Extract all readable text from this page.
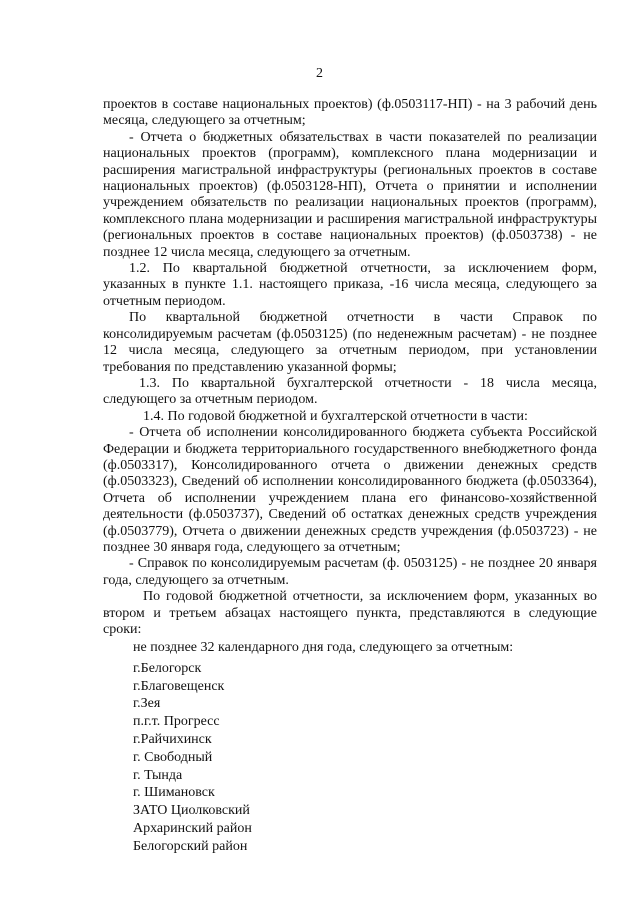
2

проектов в составе национальных проектов) (ф.0503117-НП) - на 3 рабочий день месяца, следующего за отчетным;

- Отчета о бюджетных обязательствах в части показателей по реализации национальных проектов (программ), комплексного плана модернизации и расширения магистральной инфраструктуры (региональных проектов в составе национальных проектов) (ф.0503128-НП), Отчета о принятии и исполнении учреждением обязательств по реализации национальных проектов (программ), комплексного плана модернизации и расширения магистральной инфраструктуры (региональных проектов в составе национальных проектов) (ф.0503738) - не позднее 12 числа месяца, следующего за отчетным.

1.2. По квартальной бюджетной отчетности, за исключением форм, указанных в пункте 1.1. настоящего приказа, -16 числа месяца, следующего за отчетным периодом.

По квартальной бюджетной отчетности в части Справок по консолидируемым расчетам (ф.0503125) (по неденежным расчетам) - не позднее 12 числа месяца, следующего за отчетным периодом, при установлении требования по представлению указанной формы;

1.3. По квартальной бухгалтерской отчетности - 18 числа месяца, следующего за отчетным периодом.

1.4. По годовой бюджетной и бухгалтерской отчетности в части:

- Отчета об исполнении консолидированного бюджета субъекта Российской Федерации и бюджета территориального государственного внебюджетного фонда (ф.0503317), Консолидированного отчета о движении денежных средств (ф.0503323), Сведений об исполнении консолидированного бюджета (ф.0503364), Отчета об исполнении учреждением плана его финансово-хозяйственной деятельности (ф.0503737), Сведений об остатках денежных средств учреждения (ф.0503779), Отчета о движении денежных средств учреждения (ф.0503723) - не позднее 30 января года, следующего за отчетным;

- Справок по консолидируемым расчетам (ф. 0503125) - не позднее 20 января года, следующего за отчетным.

По годовой бюджетной отчетности, за исключением форм, указанных во втором и третьем абзацах настоящего пункта, представляются в следующие сроки:

не позднее 32 календарного дня года, следующего за отчетным:
г.Белогорск
г.Благовещенск
г.Зея
п.г.т. Прогресс
г.Райчихинск
г. Свободный
г. Тында
г. Шимановск
ЗАТО Циолковский
Архаринский район
Белогорский район
